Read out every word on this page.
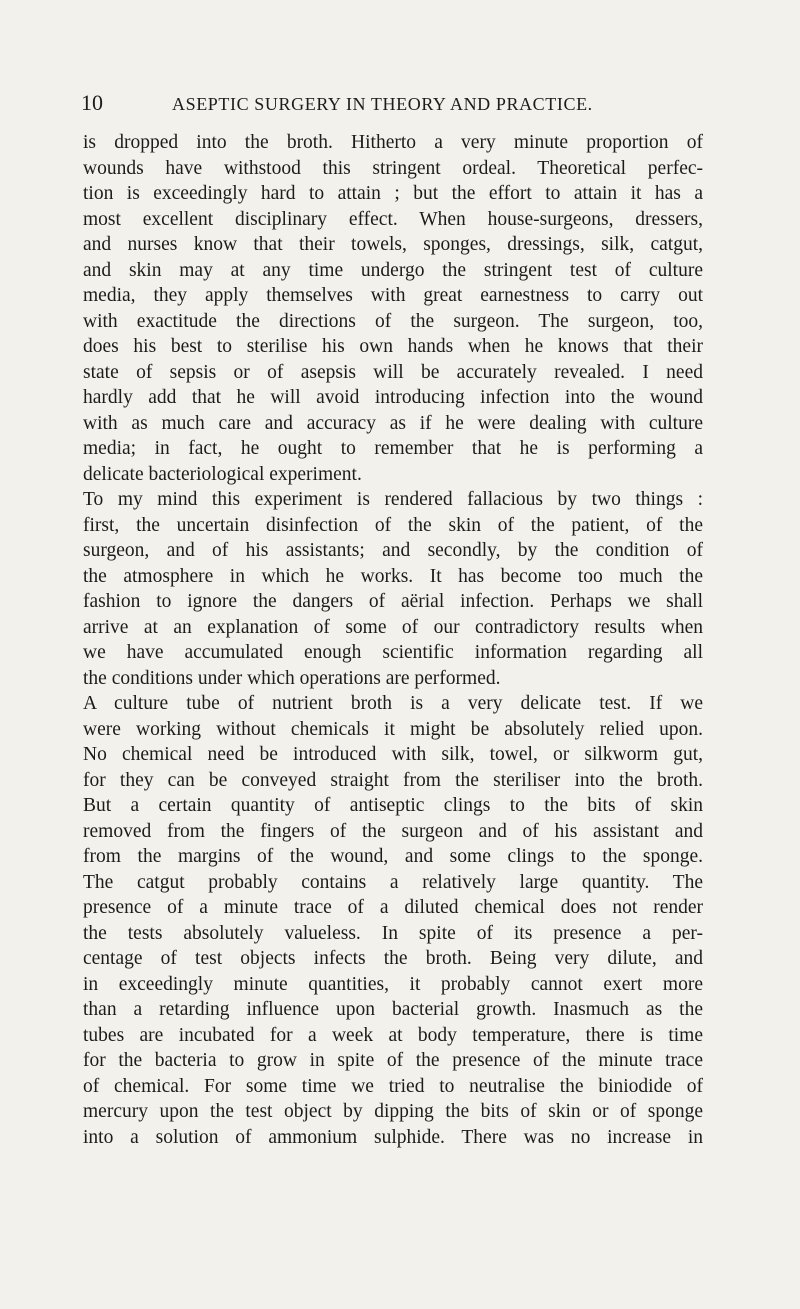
10	ASEPTIC SURGERY IN THEORY AND PRACTICE.
is dropped into the broth. Hitherto a very minute proportion of
wounds have withstood this stringent ordeal. Theoretical perfec-
tion is exceedingly hard to attain ; but the effort to attain it has a
most excellent disciplinary effect. When house-surgeons, dressers,
and nurses know that their towels, sponges, dressings, silk, catgut,
and skin may at any time undergo the stringent test of culture
media, they apply themselves with great earnestness to carry out
with exactitude the directions of the surgeon. The surgeon, too,
does his best to sterilise his own hands when he knows that their
state of sepsis or of asepsis will be accurately revealed. I need
hardly add that he will avoid introducing infection into the wound
with as much care and accuracy as if he were dealing with culture
media; in fact, he ought to remember that he is performing a
delicate bacteriological experiment.
To my mind this experiment is rendered fallacious by two things :
first, the uncertain disinfection of the skin of the patient, of the
surgeon, and of his assistants; and secondly, by the condition of
the atmosphere in which he works. It has become too much the
fashion to ignore the dangers of aërial infection. Perhaps we shall
arrive at an explanation of some of our contradictory results when
we have accumulated enough scientific information regarding all
the conditions under which operations are performed.
A culture tube of nutrient broth is a very delicate test. If we
were working without chemicals it might be absolutely relied upon.
No chemical need be introduced with silk, towel, or silkworm gut,
for they can be conveyed straight from the steriliser into the broth.
But a certain quantity of antiseptic clings to the bits of skin
removed from the fingers of the surgeon and of his assistant and
from the margins of the wound, and some clings to the sponge.
The catgut probably contains a relatively large quantity. The
presence of a minute trace of a diluted chemical does not render
the tests absolutely valueless. In spite of its presence a per-
centage of test objects infects the broth. Being very dilute, and
in exceedingly minute quantities, it probably cannot exert more
than a retarding influence upon bacterial growth. Inasmuch as the
tubes are incubated for a week at body temperature, there is time
for the bacteria to grow in spite of the presence of the minute trace
of chemical. For some time we tried to neutralise the biniodide of
mercury upon the test object by dipping the bits of skin or of sponge
into a solution of ammonium sulphide. There was no increase in
